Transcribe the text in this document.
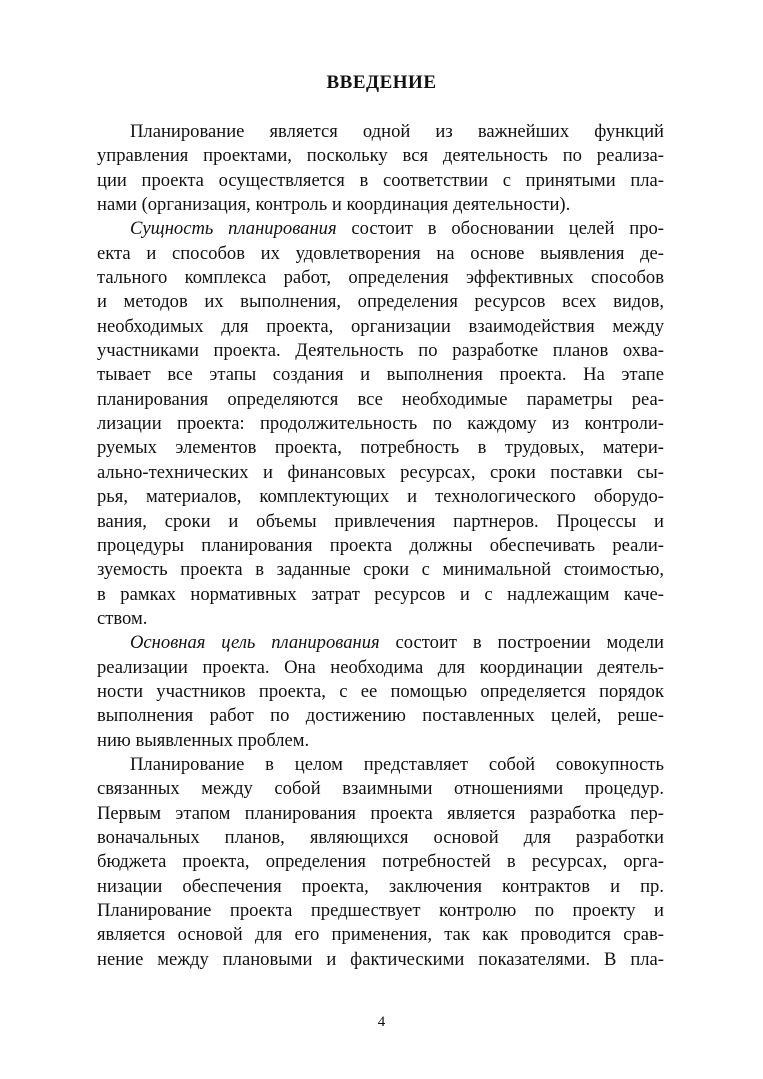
ВВЕДЕНИЕ
Планирование является одной из важнейших функций
управления проектами, поскольку вся деятельность по реализа-
ции проекта осуществляется в соответствии с принятыми пла-
нами (организация, контроль и координация деятельности).
Сущность планирования состоит в обосновании целей про-
екта и способов их удовлетворения на основе выявления де-
тального комплекса работ, определения эффективных способов
и методов их выполнения, определения ресурсов всех видов,
необходимых для проекта, организации взаимодействия между
участниками проекта. Деятельность по разработке планов охва-
тывает все этапы создания и выполнения проекта. На этапе
планирования определяются все необходимые параметры реа-
лизации проекта: продолжительность по каждому из контроли-
руемых элементов проекта, потребность в трудовых, матери-
ально-технических и финансовых ресурсах, сроки поставки сы-
рья, материалов, комплектующих и технологического оборудо-
вания, сроки и объемы привлечения партнеров. Процессы и
процедуры планирования проекта должны обеспечивать реали-
зуемость проекта в заданные сроки с минимальной стоимостью,
в рамках нормативных затрат ресурсов и с надлежащим каче-
ством.
Основная цель планирования состоит в построении модели
реализации проекта. Она необходима для координации деятель-
ности участников проекта, с ее помощью определяется порядок
выполнения работ по достижению поставленных целей, реше-
нию выявленных проблем.
Планирование в целом представляет собой совокупность
связанных между собой взаимными отношениями процедур.
Первым этапом планирования проекта является разработка пер-
воначальных планов, являющихся основой для разработки
бюджета проекта, определения потребностей в ресурсах, орга-
низации обеспечения проекта, заключения контрактов и пр.
Планирование проекта предшествует контролю по проекту и
является основой для его применения, так как проводится срав-
нение между плановыми и фактическими показателями. В пла-
4
